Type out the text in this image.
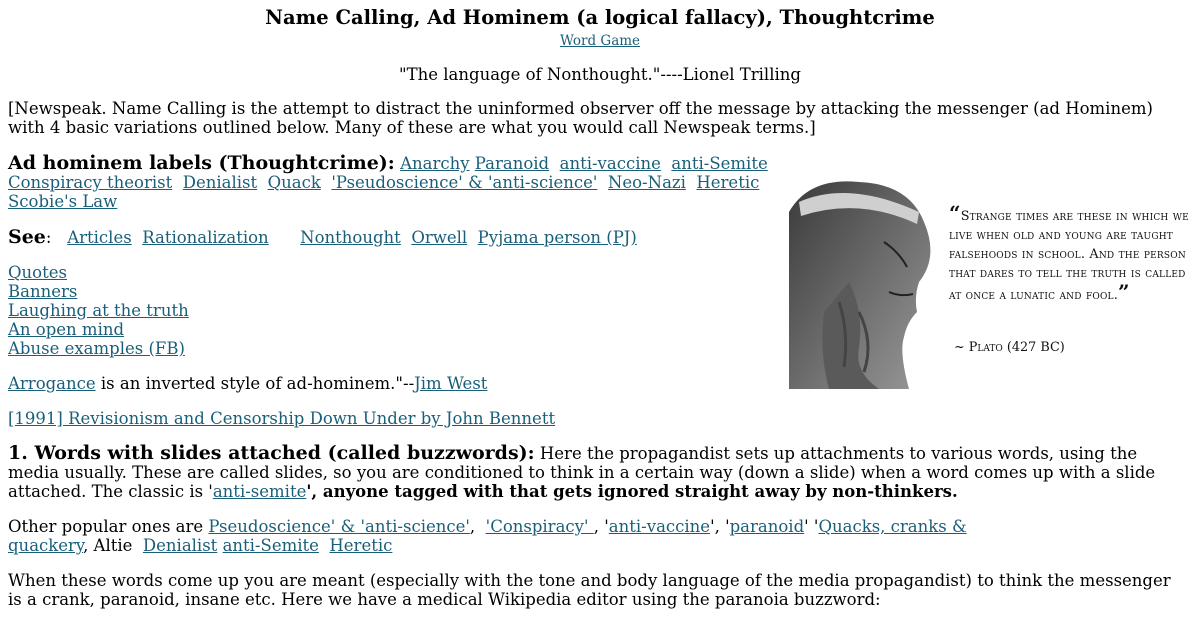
Name Calling, Ad Hominem (a logical fallacy), Thoughtcrime
Word Game
"The language of Nonthought."----Lionel Trilling

[Newspeak. Name Calling is the attempt to distract the uninformed observer off the message by attacking the messenger (ad Hominem) with 4 basic variations outlined below. Many of these are what you would call Newspeak terms.]

Ad hominem labels (Thoughtcrime): Anarchy Paranoid anti-vaccine anti-Semite
Conspiracy theorist Denialist Quack 'Pseudoscience' & 'anti-science' Neo-Nazi Heretic
Scobie's Law
See: Articles Rationalization Nonthought Orwell Pyjama person (PJ)
Quotes
Banners
Laughing at the truth
An open mind
Abuse examples (FB)
Arrogance is an inverted style of ad-hominem."--Jim West
[1991] Revisionism and Censorship Down Under by John Bennett

1. Words with slides attached (called buzzwords): Here the propagandist sets up attachments to various words, using the media usually. These are called slides, so you are conditioned to think in a certain way (down a slide) when a word comes up with a slide attached. The classic is 'anti-semite', anyone tagged with that gets ignored straight away by non-thinkers.

Other popular ones are Pseudoscience' & 'anti-science',  'Conspiracy' , 'anti-vaccine', 'paranoid' 'Quacks, cranks & quackery, Altie  Denialist anti-Semite Heretic

When these words come up you are meant (especially with the tone and body language of the media propagandist) to think the messenger is a crank, paranoid, insane etc. Here we have a medical Wikipedia editor using the paranoia buzzword:

“Strange times are these in which we live when old and young are taught falsehoods in school. And the person that dares to tell the truth is called at once a lunatic and fool.”
~ Plato (427 BC)
